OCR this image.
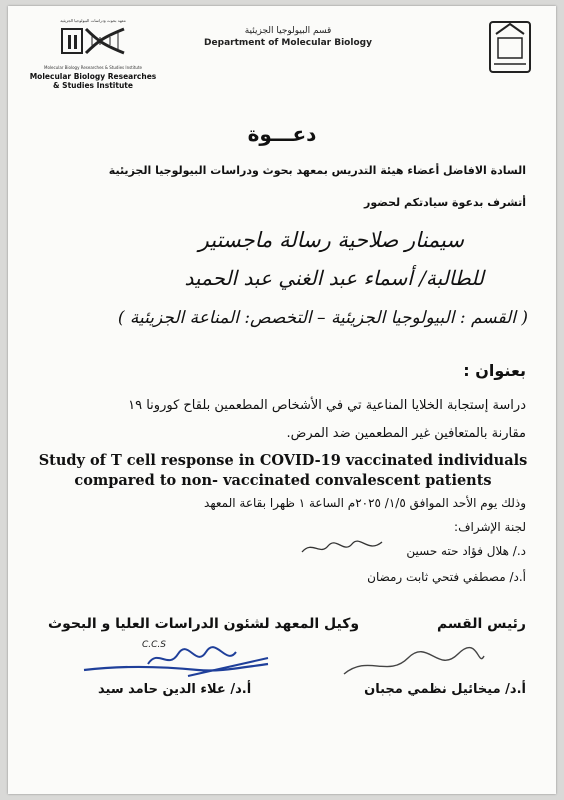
معهد بحوث ودراسات البيولوجيا الجزيئية
Molecular Biology Researches & Studies Institute
Molecular Biology Researches & Studies Institute
قسم البيولوجيا الجزيئية
Department of Molecular Biology
دعـــوة
السادة الافاضل أعضاء هيئة التدريس بمعهد بحوث ودراسات البيولوجيا الجزيئية
أتشرف بدعوة سيادتكم لحضور
سيمنار صلاحية رسالة ماجستير
للطالبة/ أسماء عبد الغني عبد الحميد
( القسم : البيولوجيا الجزيئية – التخصص: المناعة الجزيئية )
بعنوان :
دراسة إستجابة الخلايا المناعية تي في الأشخاص المطعمين بلقاح كورونا ١٩
مقارنة بالمتعافين غير المطعمين ضد المرض.
Study of T cell response in COVID-19 vaccinated individuals
compared to non- vaccinated convalescent patients
وذلك يوم الأحد الموافق ١/٥/ ٢٠٢٥م الساعة ١ ظهرا بقاعة المعهد
لجنة الإشراف:
د./ هلال فؤاد حته حسين
أ.د/ مصطفي فتحي ثابت رمضان
رئيس القسم
وكيل المعهد لشئون الدراسات العليا و البحوث
C.C.S
أ.د/ ميخائيل نظمي مجبان
أ.د/ علاء الدين حامد سيد
